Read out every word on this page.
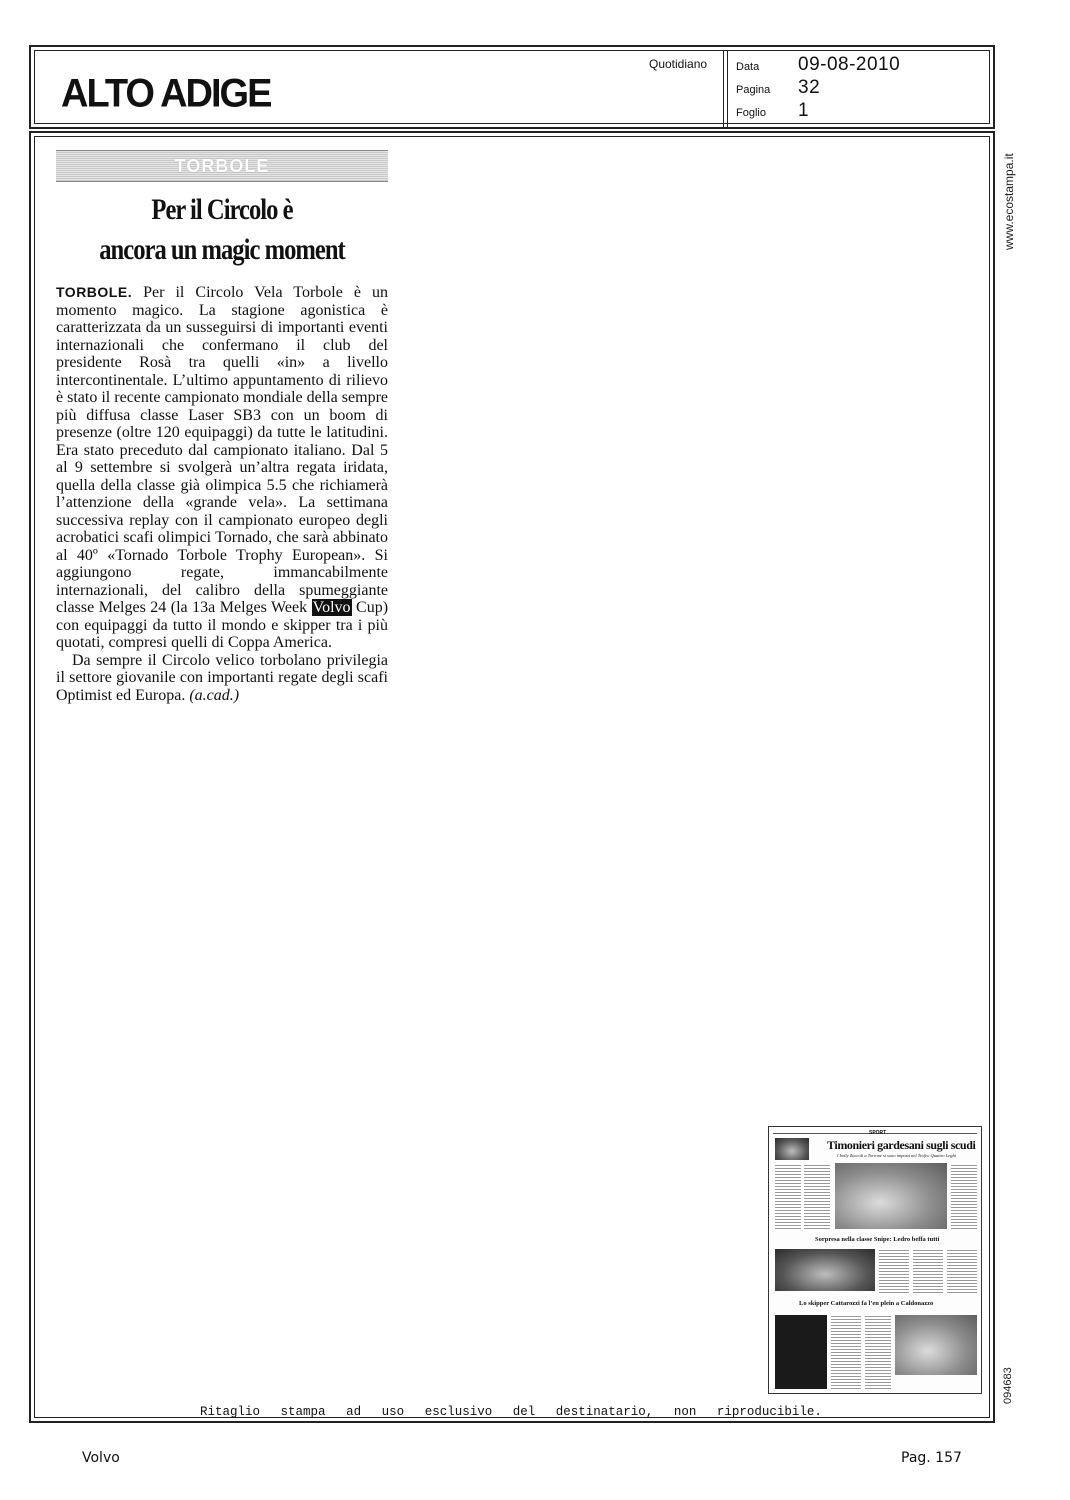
ALTO ADIGE
Quotidiano	Data 09-08-2010
Pagina 32
Foglio 1
TORBOLE
Per il Circolo è
ancora un magic moment

TORBOLE. Per il Circolo Vela Torbole è un momento magico. La stagione agonistica è caratterizzata da un susseguirsi di importanti eventi internazionali che confermano il club del presidente Rosà tra quelli «in» a livello intercontinentale. L’ultimo appuntamento di rilievo è stato il recente campionato mondiale della sempre più diffusa classe Laser SB3 con un boom di presenze (oltre 120 equipaggi) da tutte le latitudini. Era stato preceduto dal campionato italiano. Dal 5 al 9 settembre si svolgerà un’altra regata iridata, quella della classe già olimpica 5.5 che richiamerà l’attenzione della «grande vela». La settimana successiva replay con il campionato europeo degli acrobatici scafi olimpici Tornado, che sarà abbinato al 40º «Tornado Torbole Trophy European». Si aggiungono regate, immancabilmente internazionali, del calibro della spumeggiante classe Melges 24 (la 13a Melges Week Volvo Cup) con equipaggi da tutto il mondo e skipper tra i più quotati, compresi quelli di Coppa America.

Da sempre il Circolo velico torbolano privilegia il settore giovanile con importanti regate degli scafi Optimist ed Europa. (a.cad.)

www.ecostampa.it
094683
SPORT
Timonieri gardesani sugli scudi
I bolly Zuccoli a Torrone si sono imposti nel Trofeo Quattro Leghi
Sorpresa nella classe Snipe: Ledro beffa tutti
Lo skipper Cattarozzi fa l’en plein a Caldonazzo
Ritaglio stampa ad uso esclusivo del destinatario, non riproducibile.
Volvo	Pag. 157
